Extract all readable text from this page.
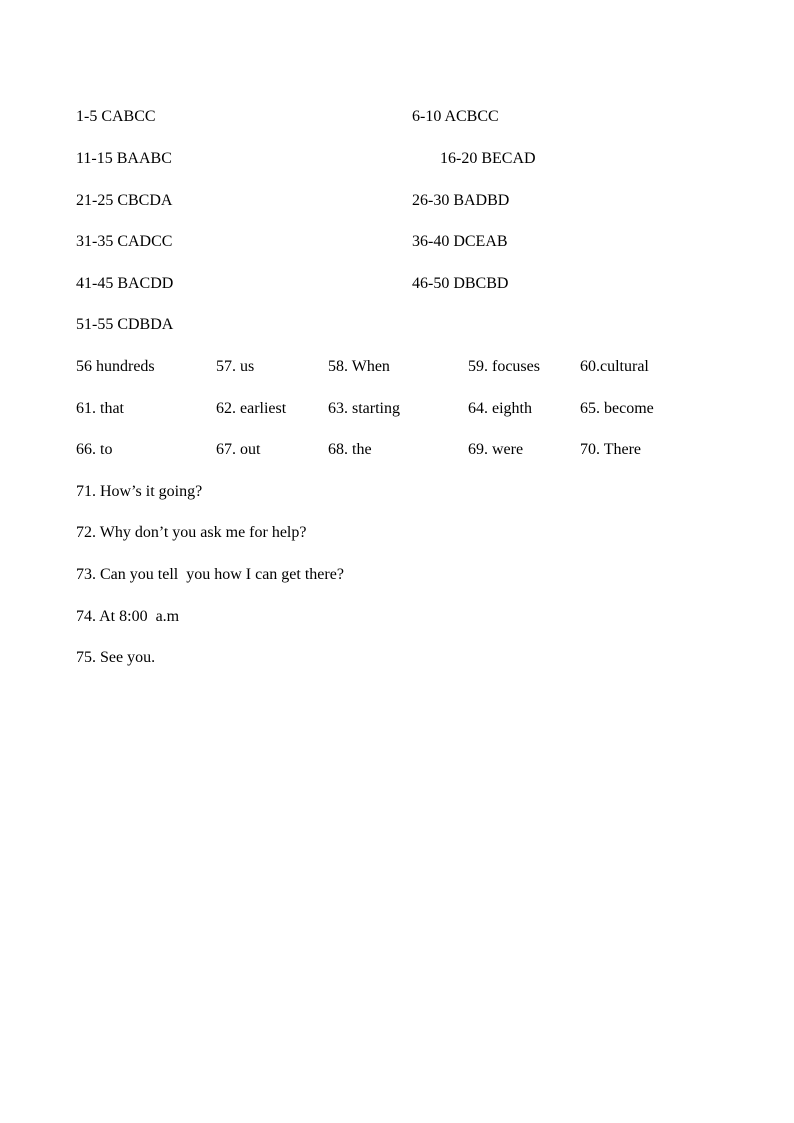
1-5 CABCC	6-10 ACBCC
11-15 BAABC	16-20 BECAD
21-25 CBCDA	26-30 BADBD
31-35 CADCC	36-40 DCEAB
41-45 BACDD	46-50 DBCBD
51-55 CDBDA
56 hundreds	57. us	58. When	59. focuses	60.cultural
61. that	62. earliest	63. starting	64. eighth	65. become
66. to	67. out	68. the	69. were	70. There
71. How’s it going?
72. Why don’t you ask me for help?
73. Can you tell  you how I can get there?
74. At 8:00  a.m
75. See you.
